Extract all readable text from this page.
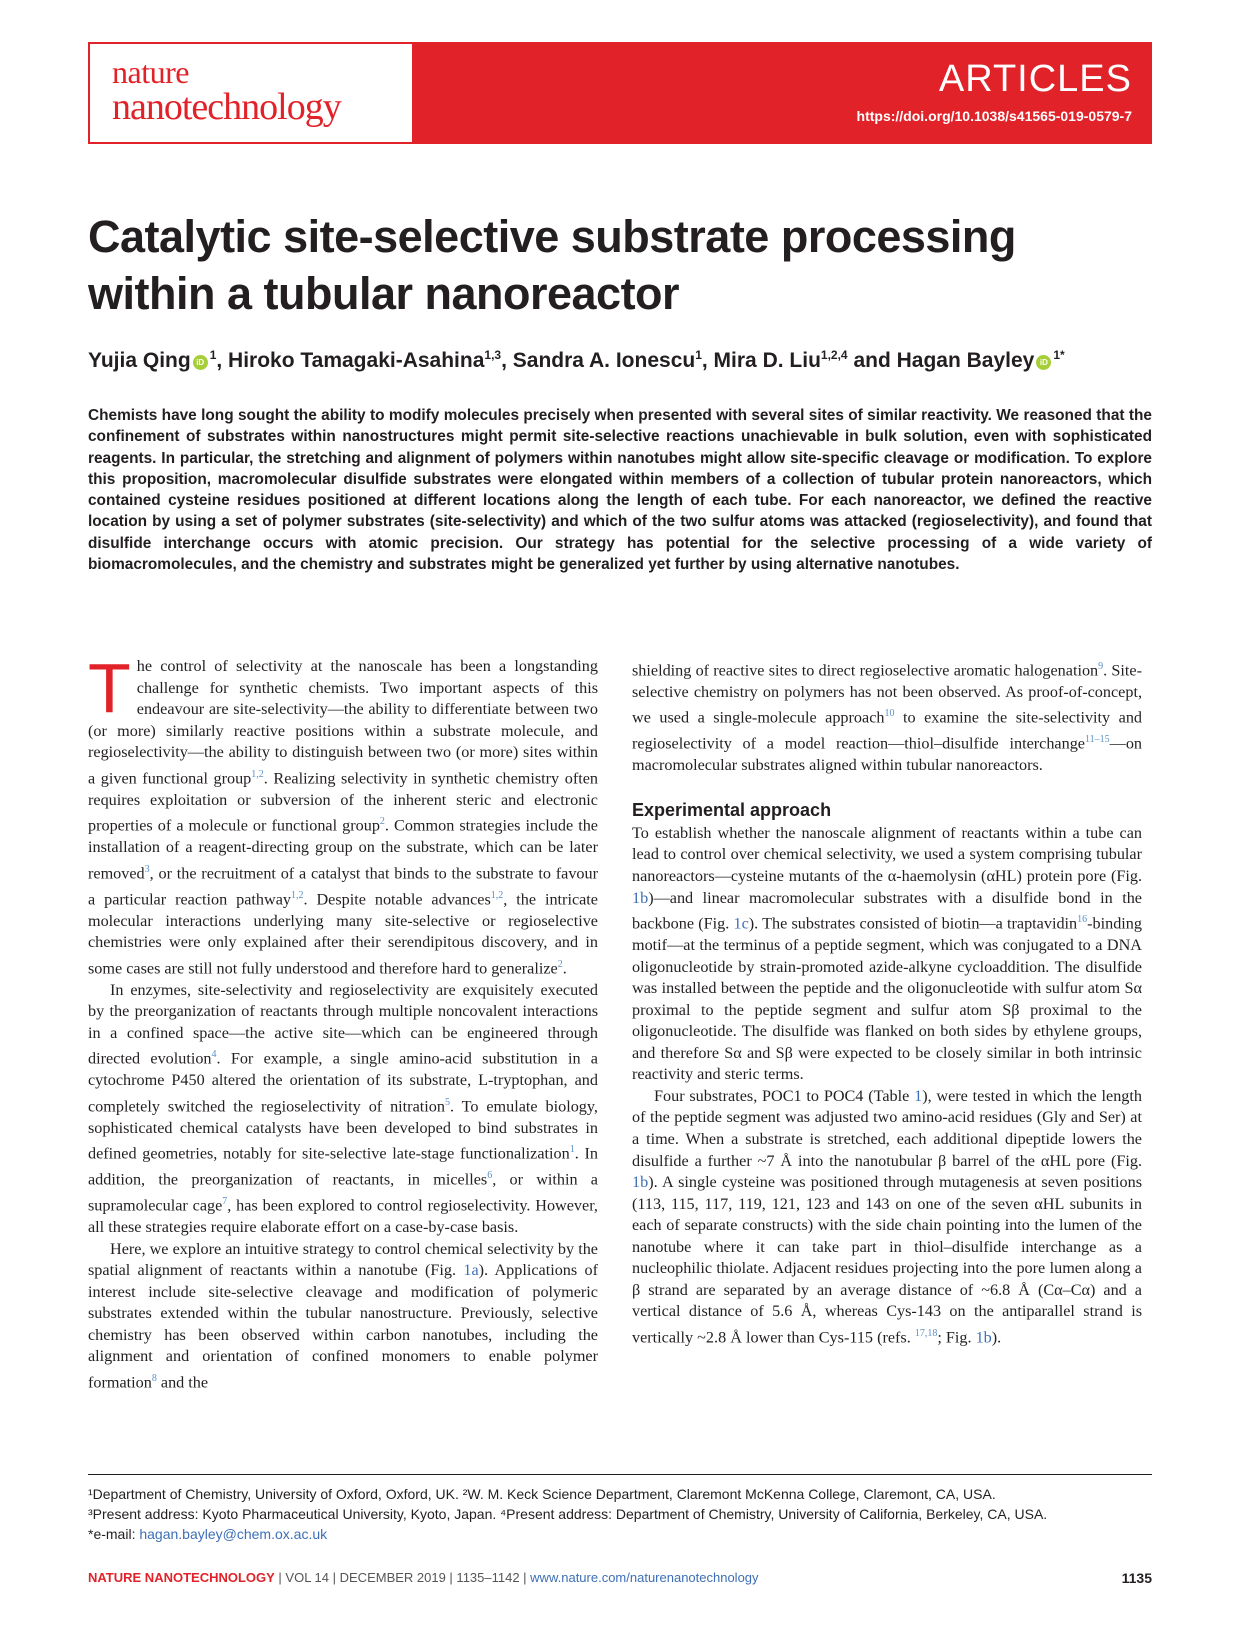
nature
nanotechnology
ARTICLES
https://doi.org/10.1038/s41565-019-0579-7
Catalytic site-selective substrate processing within a tubular nanoreactor
Yujia Qing $iD^1$, Hiroko Tamagaki-Asahina$^{1,3}$, Sandra A. Ionescu$^1$, Mira D. Liu$^{1,2,4}$ and Hagan Bayley $iD^{1*}$
Chemists have long sought the ability to modify molecules precisely when presented with several sites of similar reactivity. We reasoned that the confinement of substrates within nanostructures might permit site-selective reactions unachievable in bulk solution, even with sophisticated reagents. In particular, the stretching and alignment of polymers within nanotubes might allow site-specific cleavage or modification. To explore this proposition, macromolecular disulfide substrates were elongated within members of a collection of tubular protein nanoreactors, which contained cysteine residues positioned at different locations along the length of each tube. For each nanoreactor, we defined the reactive location by using a set of polymer substrates (site-selectivity) and which of the two sulfur atoms was attacked (regioselectivity), and found that disulfide interchange occurs with atomic precision. Our strategy has potential for the selective processing of a wide variety of biomacromolecules, and the chemistry and substrates might be generalized yet further by using alternative nanotubes.

The control of selectivity at the nanoscale has been a longstanding challenge for synthetic chemists. Two important aspects of this endeavour are site-selectivity—the ability to differentiate between two (or more) similarly reactive positions within a substrate molecule, and regioselectivity—the ability to distinguish between two (or more) sites within a given functional group$^{1,2}$. Realizing selectivity in synthetic chemistry often requires exploitation or subversion of the inherent steric and electronic properties of a molecule or functional group$^2$. Common strategies include the installation of a reagent-directing group on the substrate, which can be later removed$^3$, or the recruitment of a catalyst that binds to the substrate to favour a particular reaction pathway$^{1,2}$. Despite notable advances$^{1,2}$, the intricate molecular interactions underlying many site-selective or regioselective chemistries were only explained after their serendipitous discovery, and in some cases are still not fully understood and therefore hard to generalize$^2$.

In enzymes, site-selectivity and regioselectivity are exquisitely executed by the preorganization of reactants through multiple noncovalent interactions in a confined space—the active site—which can be engineered through directed evolution$^4$. For example, a single amino-acid substitution in a cytochrome P450 altered the orientation of its substrate, L-tryptophan, and completely switched the regioselectivity of nitration$^5$. To emulate biology, sophisticated chemical catalysts have been developed to bind substrates in defined geometries, notably for site-selective late-stage functionalization$^1$. In addition, the preorganization of reactants, in micelles$^6$, or within a supramolecular cage$^7$, has been explored to control regioselectivity. However, all these strategies require elaborate effort on a case-by-case basis.

Here, we explore an intuitive strategy to control chemical selectivity by the spatial alignment of reactants within a nanotube (Fig. 1a). Applications of interest include site-selective cleavage and modification of polymeric substrates extended within the tubular nanostructure. Previously, selective chemistry has been observed within carbon nanotubes, including the alignment and orientation of confined monomers to enable polymer formation$^8$ and the

shielding of reactive sites to direct regioselective aromatic halogenation$^9$. Site-selective chemistry on polymers has not been observed. As proof-of-concept, we used a single-molecule approach$^{10}$ to examine the site-selectivity and regioselectivity of a model reaction—thiol–disulfide interchange$^{11-15}$—on macromolecular substrates aligned within tubular nanoreactors.

Experimental approach

To establish whether the nanoscale alignment of reactants within a tube can lead to control over chemical selectivity, we used a system comprising tubular nanoreactors—cysteine mutants of the α-haemolysin (αHL) protein pore (Fig. 1b)—and linear macromolecular substrates with a disulfide bond in the backbone (Fig. 1c). The substrates consisted of biotin—a traptavidin$^{16}$-binding motif—at the terminus of a peptide segment, which was conjugated to a DNA oligonucleotide by strain-promoted azide-alkyne cycloaddition. The disulfide was installed between the peptide and the oligonucleotide with sulfur atom Sα proximal to the peptide segment and sulfur atom Sβ proximal to the oligonucleotide. The disulfide was flanked on both sides by ethylene groups, and therefore Sα and Sβ were expected to be closely similar in both intrinsic reactivity and steric terms.

Four substrates, POC1 to POC4 (Table 1), were tested in which the length of the peptide segment was adjusted two amino-acid residues (Gly and Ser) at a time. When a substrate is stretched, each additional dipeptide lowers the disulfide a further ~7 Å into the nanotubular β barrel of the αHL pore (Fig. 1b). A single cysteine was positioned through mutagenesis at seven positions (113, 115, 117, 119, 121, 123 and 143 on one of the seven αHL subunits in each of separate constructs) with the side chain pointing into the lumen of the nanotube where it can take part in thiol–disulfide interchange as a nucleophilic thiolate. Adjacent residues projecting into the pore lumen along a β strand are separated by an average distance of ~6.8 Å (Cα–Cα) and a vertical distance of 5.6 Å, whereas Cys-143 on the antiparallel strand is vertically ~2.8 Å lower than Cys-115 (refs. $^{17,18}$; Fig. 1b).

¹Department of Chemistry, University of Oxford, Oxford, UK. ²W. M. Keck Science Department, Claremont McKenna College, Claremont, CA, USA.
³Present address: Kyoto Pharmaceutical University, Kyoto, Japan. ⁴Present address: Department of Chemistry, University of California, Berkeley, CA, USA.
*e-mail: hagan.bayley@chem.ox.ac.uk
NATURE NANOTECHNOLOGY | VOL 14 | DECEMBER 2019 | 1135–1142 | www.nature.com/naturenanotechnology	1135
